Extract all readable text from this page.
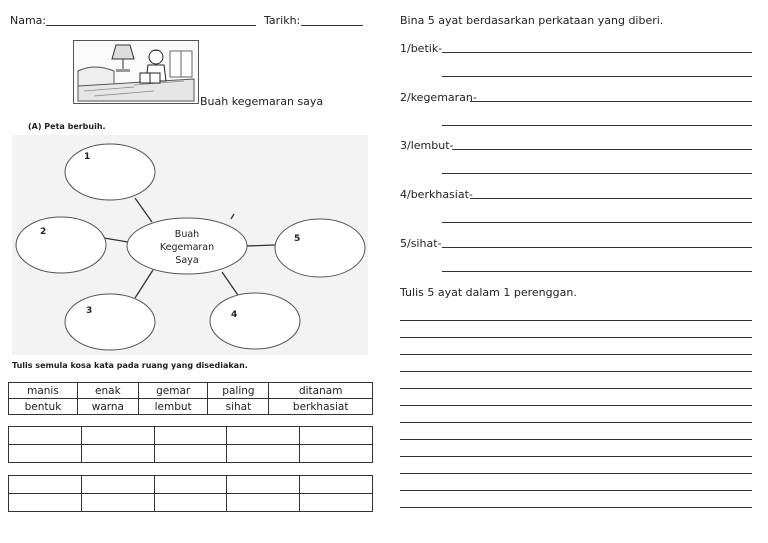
Nama:	Tarikh:
Buah kegemaran saya
(A) Peta berbuih.
1
2
3	4
5
Buah
Kegemaran
Saya
Tulis semula kosa kata pada ruang yang disediakan.
manis	enak	gemar	paling	ditanam
bentuk	warna	lembut	sihat	berkhasiat

Bina 5 ayat berdasarkan perkataan yang diberi.
1/betik-
2/kegemaran-
3/lembut-
4/berkhasiat-
5/sihat-
Tulis 5 ayat dalam 1 perenggan.
